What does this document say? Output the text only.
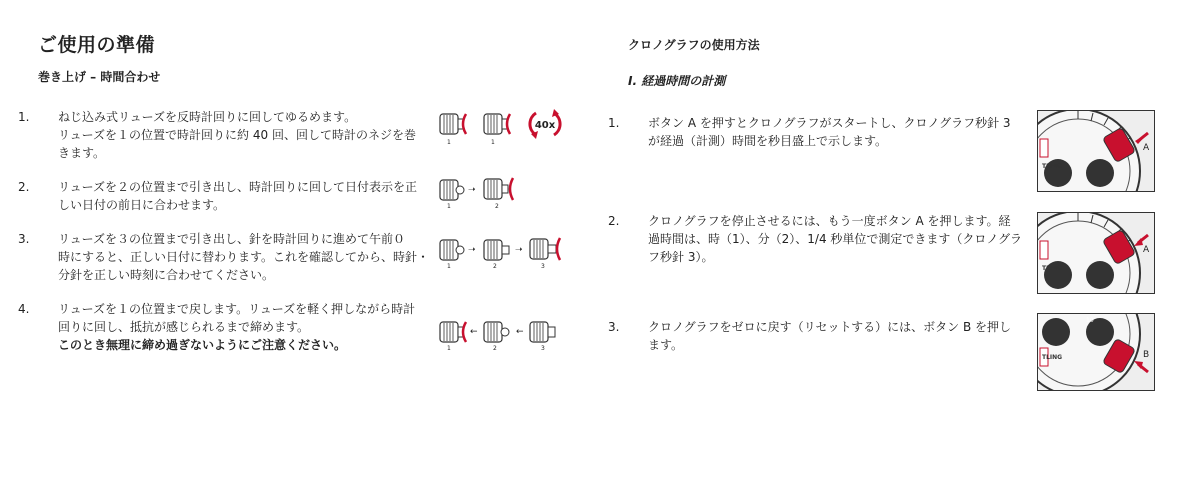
ご使用の準備
巻き上げ – 時間合わせ
1. ねじ込み式リューズを反時計回りに回してゆるめます。
リューズを１の位置で時計回りに約 40 回、回して時計のネジを巻
きます。
2. リューズを２の位置まで引き出し、時計回りに回して日付表示を正
しい日付の前日に合わせます。
3. リューズを３の位置まで引き出し、針を時計回りに進めて午前０
時にすると、正しい日付に替わります。これを確認してから、時針・
分針を正しい時刻に合わせてください。
4. リューズを１の位置まで戻します。リューズを軽く押しながら時計
回りに回し、抵抗が感じられるまで締めます。
このとき無理に締め過ぎないようにご注意ください。
1	1
40x
1
➝
2
1
➝
2
➝
3
1
←
2
←
3
クロノグラフの使用方法
I. 経過時間の計測
1. ボタン A を押すとクロノグラフがスタートし、クロノグラフ秒針 3
が経過（計測）時間を秒目盛上で示します。
2. クロノグラフを停止させるには、もう一度ボタン A を押します。経
過時間は、時（1）、分（2）、1/4 秒単位で測定できます（クロノグラ
フ秒針 3）。
3. クロノグラフをゼロに戻す（リセットする）には、ボタン B を押し
ます。
TLING
A
TLING
A
10
TLING	B
